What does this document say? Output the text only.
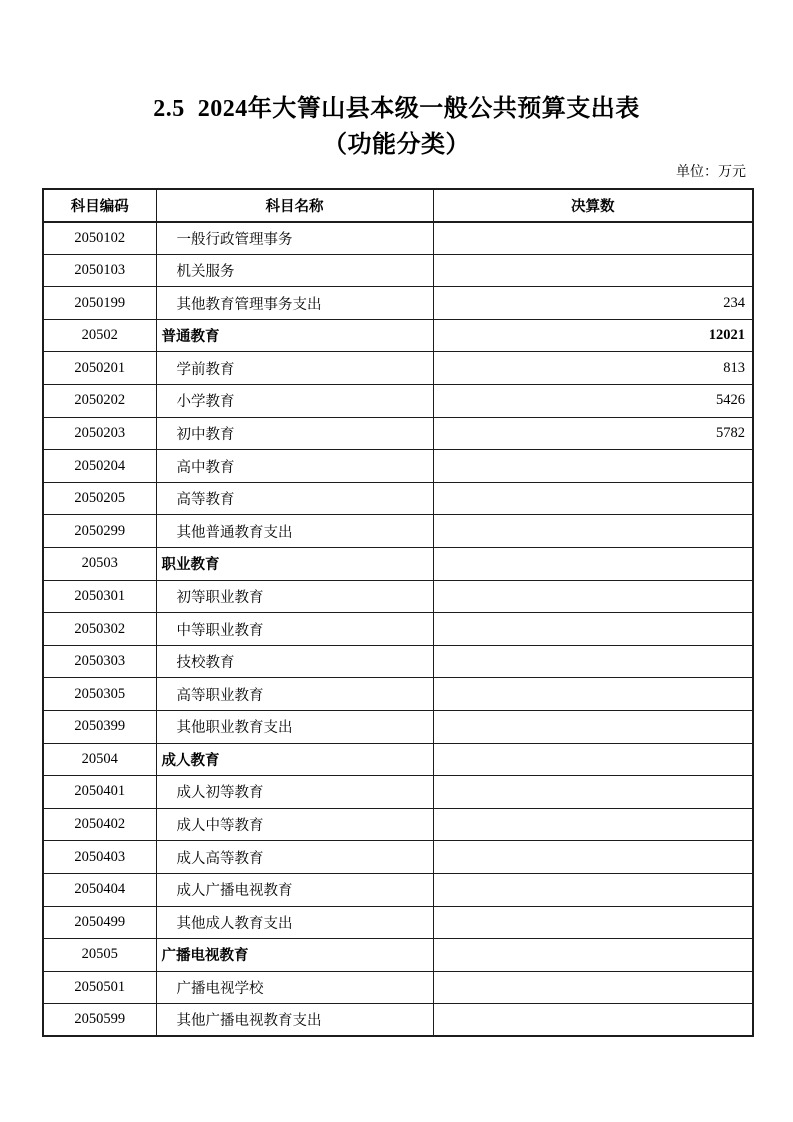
2.5  2024年大箐山县本级一般公共预算支出表
（功能分类）
单位：万元
科目编码	科目名称	决算数
2050102	一般行政管理事务	
2050103	机关服务	
2050199	其他教育管理事务支出	234
20502	普通教育	12021
2050201	学前教育	813
2050202	小学教育	5426
2050203	初中教育	5782
2050204	高中教育	
2050205	高等教育	
2050299	其他普通教育支出	
20503	职业教育	
2050301	初等职业教育	
2050302	中等职业教育	
2050303	技校教育	
2050305	高等职业教育	
2050399	其他职业教育支出	
20504	成人教育	
2050401	成人初等教育	
2050402	成人中等教育	
2050403	成人高等教育	
2050404	成人广播电视教育	
2050499	其他成人教育支出	
20505	广播电视教育	
2050501	广播电视学校	
2050599	其他广播电视教育支出	
